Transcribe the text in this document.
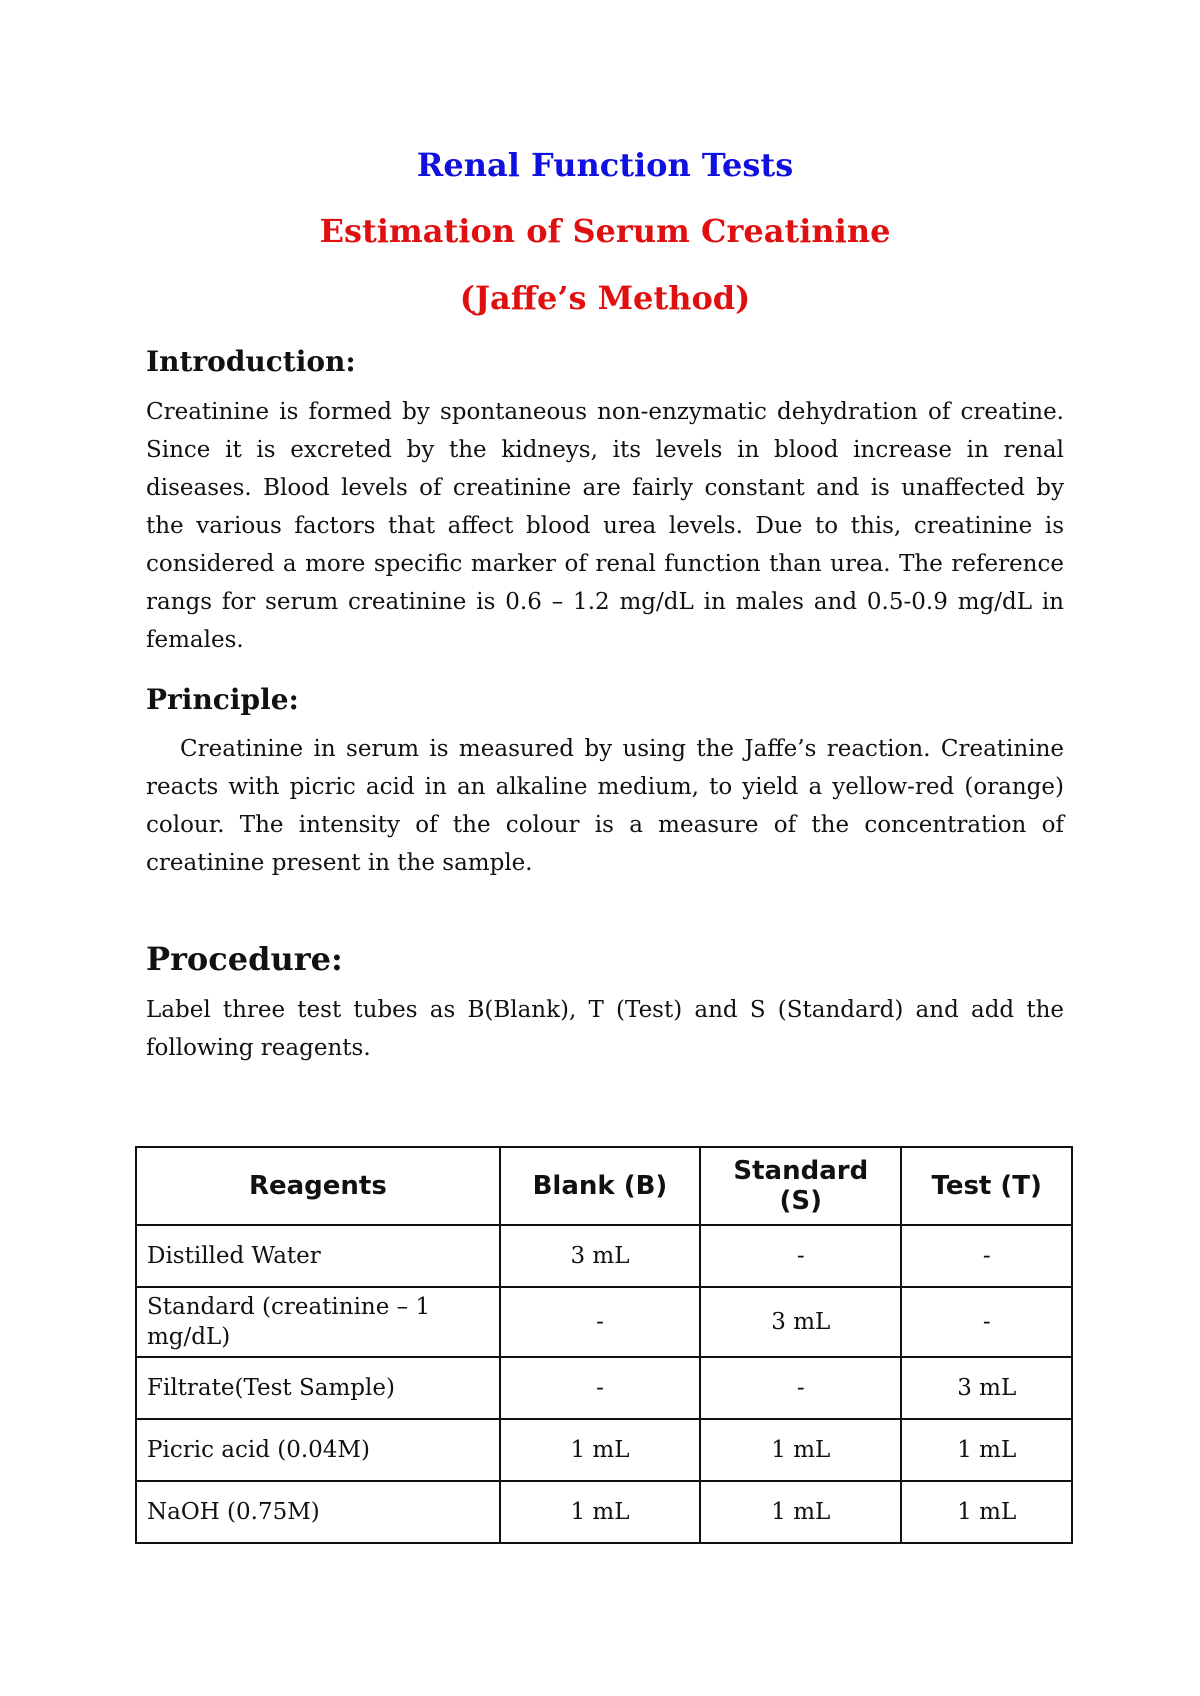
Renal Function Tests
Estimation of Serum Creatinine
(Jaffe’s Method)
Introduction:

Creatinine is formed by spontaneous non-enzymatic dehydration of creatine. Since it is excreted by the kidneys, its levels in blood increase in renal diseases. Blood levels of creatinine are fairly constant and is unaffected by the various factors that affect blood urea levels. Due to this, creatinine is considered a more specific marker of renal function than urea. The reference rangs for serum creatinine is 0.6 – 1.2 mg/dL in males and 0.5-0.9 mg/dL in females.

Principle:

Creatinine in serum is measured by using the Jaffe’s reaction. Creatinine reacts with picric acid in an alkaline medium, to yield a yellow-red (orange) colour. The intensity of the colour is a measure of the concentration of creatinine present in the sample.

Procedure:

Label three test tubes as B(Blank), T (Test) and S (Standard) and add the following reagents.

Reagents	Blank (B)	Standard (S)	Test (T)
Distilled Water	3 mL	-	-
Standard (creatinine – 1 mg/dL)	-	3 mL	-
Filtrate(Test Sample)	-	-	3 mL
Picric acid (0.04M)	1 mL	1 mL	1 mL
NaOH (0.75M)	1 mL	1 mL	1 mL
